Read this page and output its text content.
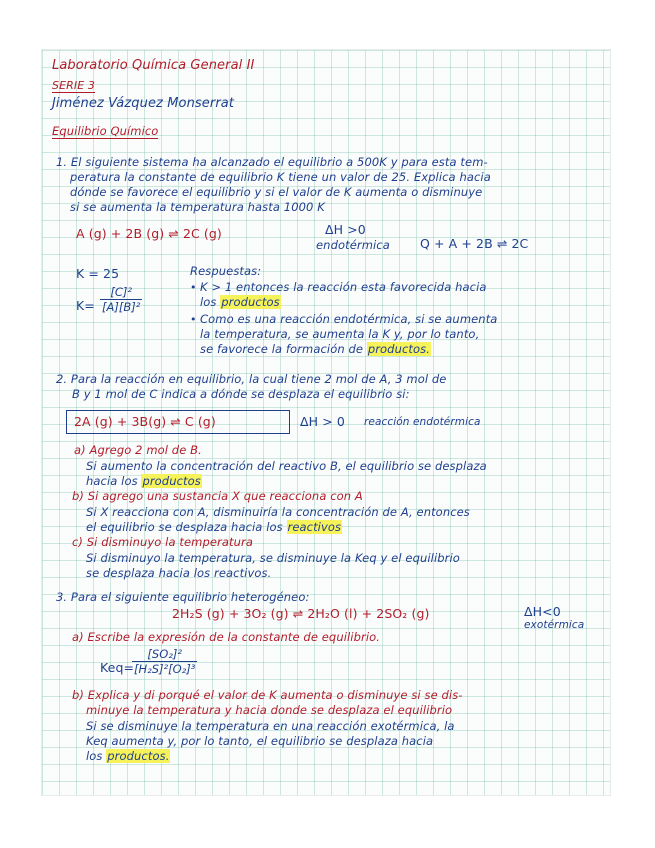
Laboratorio Química General II
SERIE 3
Jiménez Vázquez Monserrat
Equilibrio Químico
1. El siguiente sistema ha alcanzado el equilibrio a 500K y para esta tem-
peratura la constante de equilibrio K tiene un valor de 25. Explica hacia
dónde se favorece el equilibrio y si el valor de K aumenta o disminuye
si se aumenta la temperatura hasta 1000 K
A (g) + 2B (g) ⇌ 2C (g)	ΔH >0
endotérmica Q + A + 2B ⇌ 2C
K = 25
$K= \frac{\text{[C]²}}{\text{[A][B]²}}$
Respuestas:
• K > 1 entonces la reacción esta favorecida hacia
los productos
• Como es una reacción endotérmica, si se aumenta
la temperatura, se aumenta la K y, por lo tanto,
se favorece la formación de productos.
2. Para la reacción en equilibrio, la cual tiene 2 mol de A, 3 mol de
B y 1 mol de C indica a dónde se desplaza el equilibrio si:
2A (g) + 3B(g) ⇌ C (g)	ΔH > 0 reacción endotérmica
a) Agrego 2 mol de B.
Si aumento la concentración del reactivo B, el equilibrio se desplaza
hacia los productos
b) Si agrego una sustancia X que reacciona con A
Si X reacciona con A, disminuiría la concentración de A, entonces
el equilibrio se desplaza hacia los reactivos
c) Si disminuyo la temperatura
Si disminuyo la temperatura, se disminuye la Keq y el equilibrio
se desplaza hacia los reactivos.
3. Para el siguiente equilibrio heterogéneo:
2H₂S (g) + 3O₂ (g) ⇌ 2H₂O (l) + 2SO₂ (g)	ΔH<0
exotérmica
a) Escribe la expresión de la constante de equilibrio.
Keq=
$\frac{\text{[SO₂]²}}{\text{[H₂S]²[O₂]³}}$
b) Explica y di porqué el valor de K aumenta o disminuye si se dis-
minuye la temperatura y hacia donde se desplaza el equilibrio
Si se disminuye la temperatura en una reacción exotérmica, la
Keq aumenta y, por lo tanto, el equilibrio se desplaza hacia
los productos.
